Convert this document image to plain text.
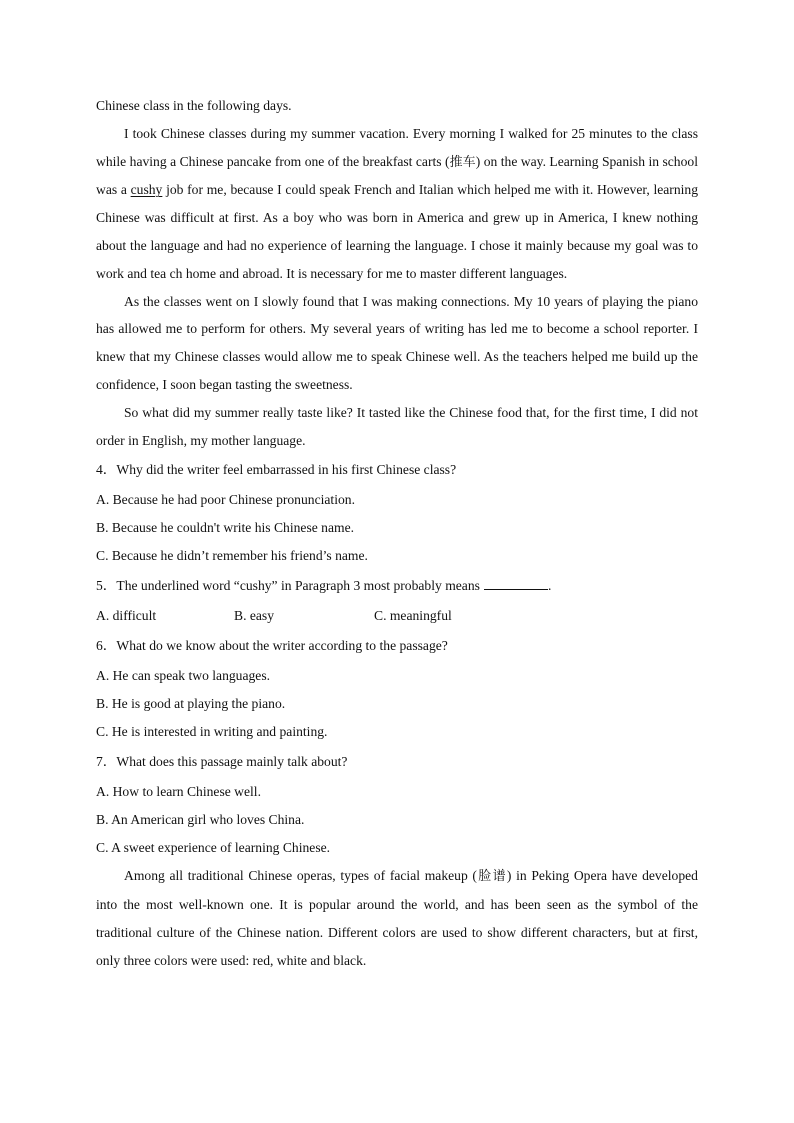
Chinese class in the following days.

I took Chinese classes during my summer vacation. Every morning I walked for 25 minutes to the class while having a Chinese pancake from one of the breakfast carts (推车) on the way. Learning Spanish in school was a cushy job for me, because I could speak French and Italian which helped me with it. However, learning Chinese was difficult at first. As a boy who was born in America and grew up in America, I knew nothing about the language and had no experience of learning the language. I chose it mainly because my goal was to work and tea ch home and abroad. It is necessary for me to master different languages.

As the classes went on I slowly found that I was making connections. My 10 years of playing the piano has allowed me to perform for others. My several years of writing has led me to become a school reporter. I knew that my Chinese classes would allow me to speak Chinese well. As the teachers helped me build up the confidence, I soon began tasting the sweetness.

So what did my summer really taste like? It tasted like the Chinese food that, for the first time, I did not order in English, my mother language.

4．Why did the writer feel embarrassed in his first Chinese class?

A. Because he had poor Chinese pronunciation.

B. Because he couldn't write his Chinese name.

C. Because he didn’t remember his friend’s name.

5．The underlined word “cushy” in Paragraph 3 most probably means	.

A. difficult	B. easy	C. meaningful

6．What do we know about the writer according to the passage?

A. He can speak two languages.

B. He is good at playing the piano.

C. He is interested in writing and painting.

7．What does this passage mainly talk about?

A. How to learn Chinese well.

B. An American girl who loves China.

C. A sweet experience of learning Chinese.

Among all traditional Chinese operas, types of facial makeup (脸谱) in Peking Opera have developed into the most well-known one. It is popular around the world, and has been seen as the symbol of the traditional culture of the Chinese nation. Different colors are used to show different characters, but at first, only three colors were used: red, white and black.
